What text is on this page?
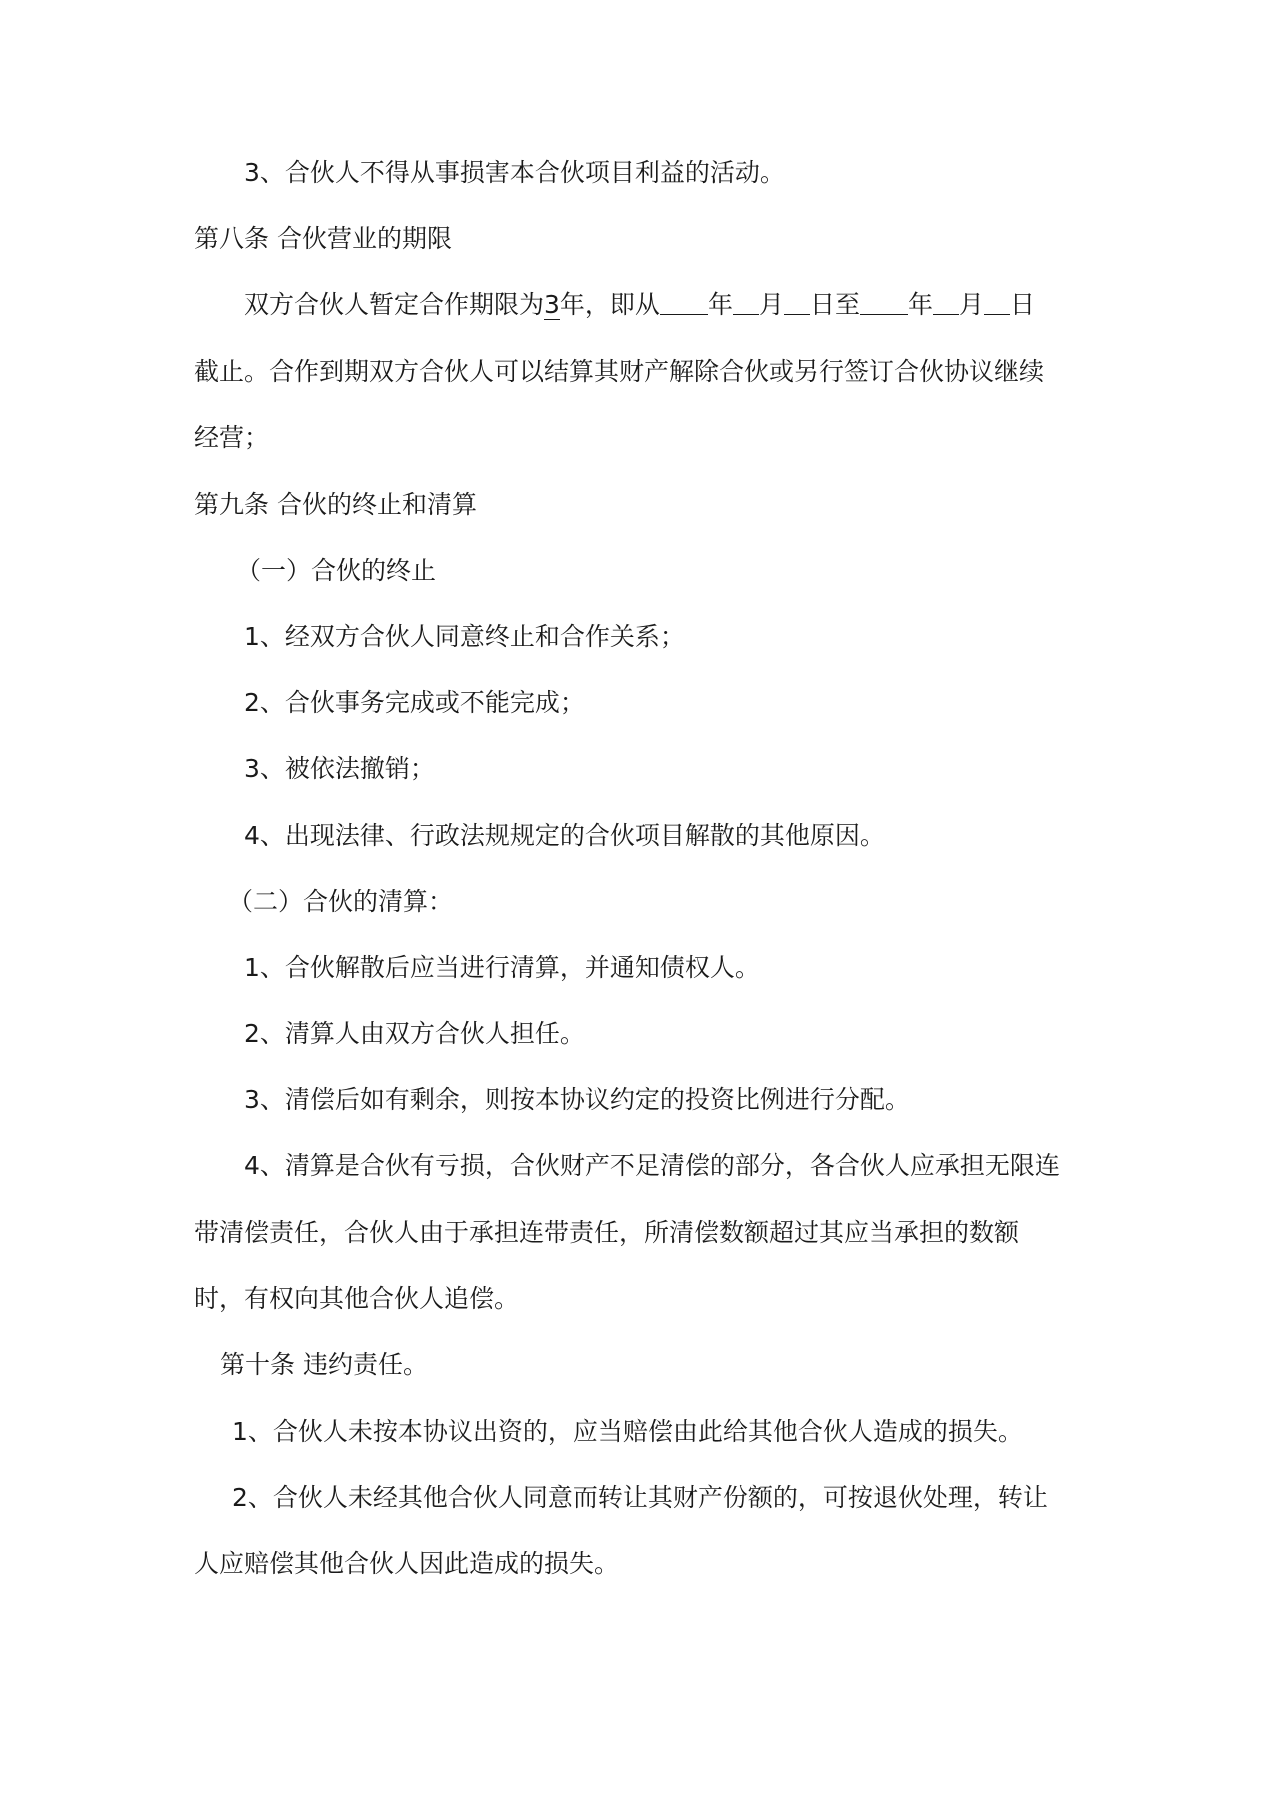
3、合伙人不得从事损害本合伙项目利益的活动。
第八条 合伙营业的期限
双方合伙人暂定合作期限为3年，即从 年 月 日至 年 月 日
截止。合作到期双方合伙人可以结算其财产解除合伙或另行签订合伙协议继续
经营；
第九条 合伙的终止和清算
（一）合伙的终止
1、经双方合伙人同意终止和合作关系；
2、合伙事务完成或不能完成；
3、被依法撤销；
4、出现法律、行政法规规定的合伙项目解散的其他原因。
（二）合伙的清算：
1、合伙解散后应当进行清算，并通知债权人。
2、清算人由双方合伙人担任。
3、清偿后如有剩余，则按本协议约定的投资比例进行分配。
4、清算是合伙有亏损，合伙财产不足清偿的部分，各合伙人应承担无限连
带清偿责任，合伙人由于承担连带责任，所清偿数额超过其应当承担的数额
时，有权向其他合伙人追偿。
第十条 违约责任。
1、合伙人未按本协议出资的，应当赔偿由此给其他合伙人造成的损失。
2、合伙人未经其他合伙人同意而转让其财产份额的，可按退伙处理，转让
人应赔偿其他合伙人因此造成的损失。
